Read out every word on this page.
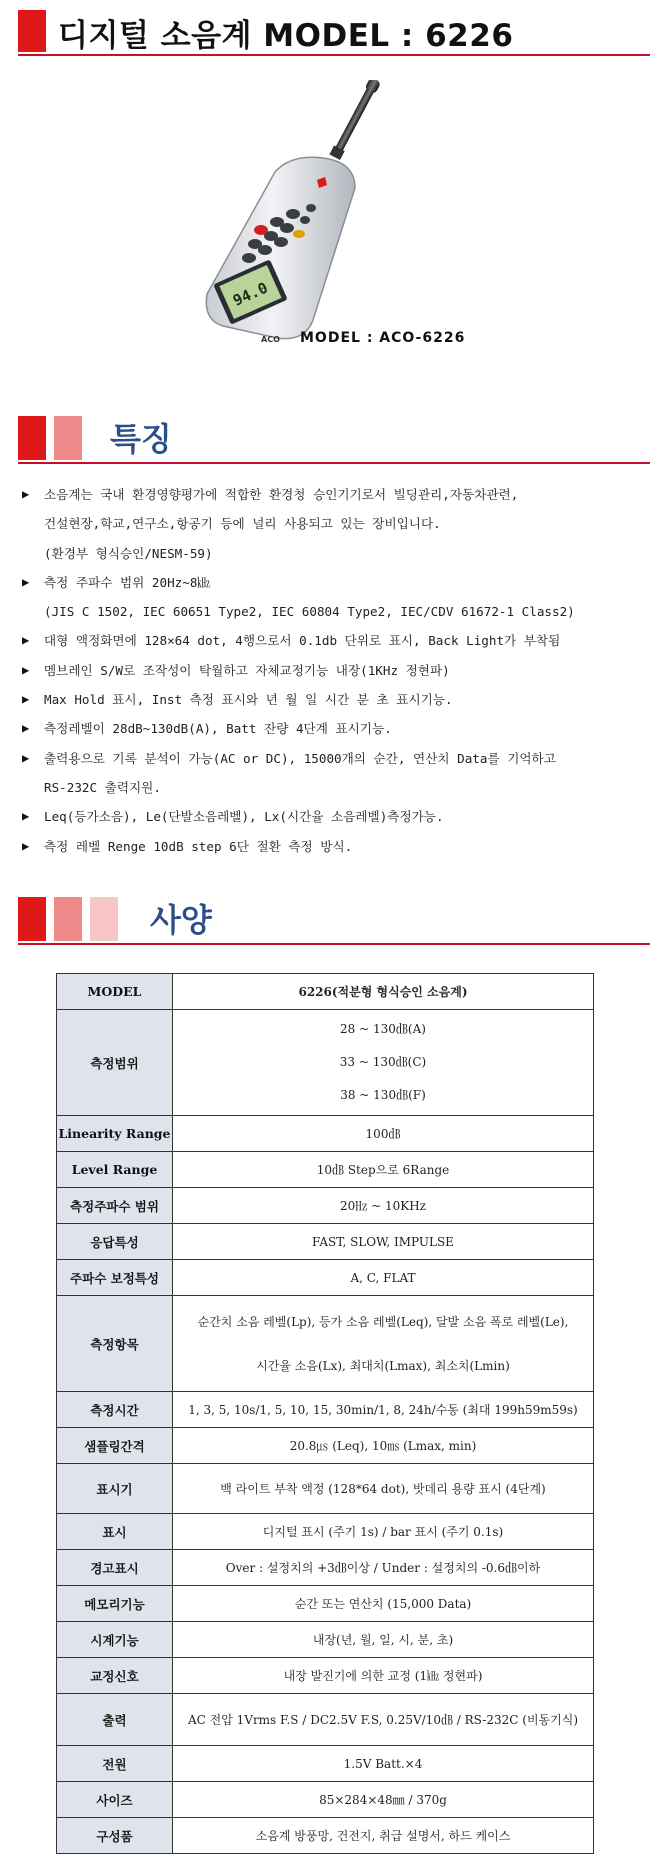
디지털 소음계 MODEL : 6226
94.0
ACO MODEL : ACO-6226
특징
▶ 소음계는 국내 환경영향평가에 적합한 환경청 승인기기로서 빌딩관리,자동차관련,
건설현장,학교,연구소,항공기 등에 널리 사용되고 있는 장비입니다.
(환경부 형식승인/NESM-59)
▶ 측정 주파수 범위 20Hz~8㎑
(JIS C 1502, IEC 60651 Type2, IEC 60804 Type2, IEC/CDV 61672-1 Class2)
▶ 대형 액정화면에 128×64 dot, 4행으로서 0.1db 단위로 표시, Back Light가 부착됨
▶ 멤브레인 S/W로 조작성이 탁월하고 자체교정기능 내장(1KHz 정현파)
▶ Max Hold 표시, Inst 측정 표시와 년 월 일 시간 분 초 표시기능.
▶ 측정레벨이 28dB~130dB(A), Batt 잔량 4단계 표시기능.
▶ 출력용으로 기록 분석이 가능(AC or DC), 15000개의 순간, 연산치 Data를 기억하고
RS-232C 출력지원.
▶ Leq(등가소음), Le(단발소음레벨), Lx(시간율 소음레벨)측정가능.
▶ 측정 레벨 Renge 10dB step 6단 절환 측정 방식.
사양
MODEL	6226(적분형 형식승인 소음계)

측정범위	28 ~ 130㏈(A)
33 ~ 130㏈(C)
38 ~ 130㏈(F)

Linearity Range	100㏈

Level Range	10㏈ Step으로 6Range

측정주파수 범위	20㎐ ~ 10KHz

응답특성	FAST, SLOW, IMPULSE

주파수 보정특성	A, C, FLAT

측정항목	순간치 소음 레벨(Lp), 등가 소음 레벨(Leq), 달발 소음 폭로 레벨(Le),
시간율 소음(Lx), 최대치(Lmax), 최소치(Lmin)

측정시간	1, 3, 5, 10s/1, 5, 10, 15, 30min/1, 8, 24h/수동 (최대 199h59m59s)

샘플링간격	20.8㎲ (Leq), 10㎳ (Lmax, min)

표시기	백 라이트 부착 액정 (128*64 dot), 밧데리 용량 표시 (4단계)

표시	디지털 표시 (주기 1s) / bar 표시 (주기 0.1s)

경고표시	Over : 설정치의 +3㏈이상 / Under : 설정치의 -0.6㏈이하

메모리기능	순간 또는 연산치 (15,000 Data)

시계기능	내장(년, 월, 일, 시, 분, 초)

교정신호	내장 발진기에 의한 교정 (1㎑ 정현파)

출력	AC 전압 1Vrms F.S / DC2.5V F.S, 0.25V/10㏈ / RS-232C (비동기식)

전원	1.5V Batt.×4

사이즈	85×284×48㎜ / 370g

구성품	소음계 방풍망, 건전지, 취급 설명서, 하드 케이스
